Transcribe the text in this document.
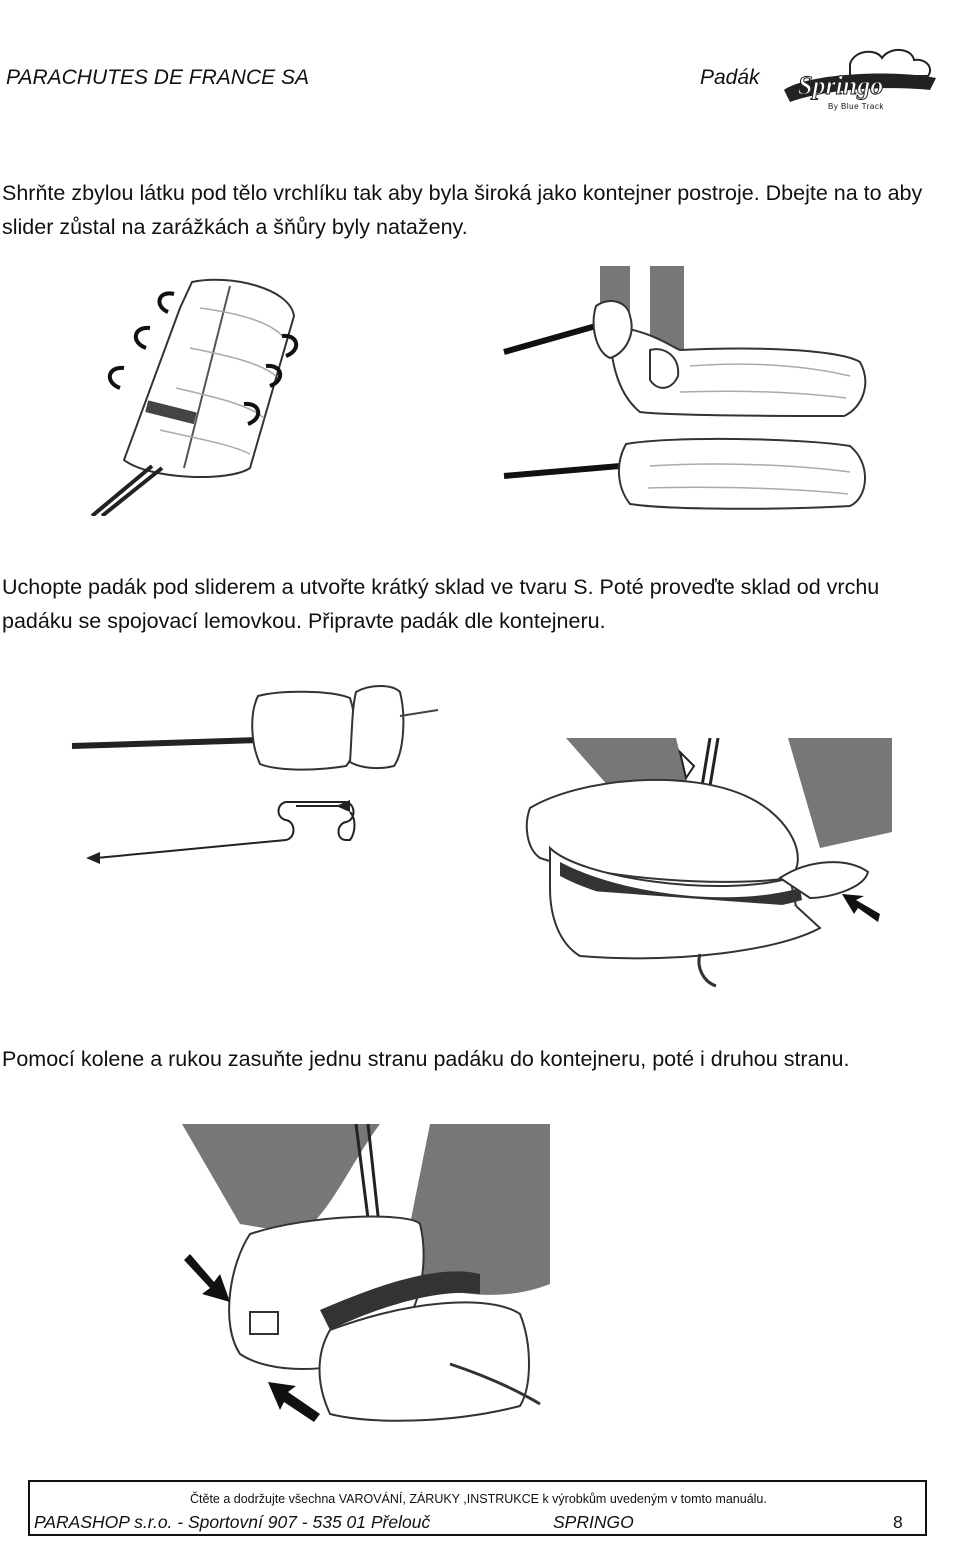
PARACHUTES DE FRANCE SA	Padák Springo
By Blue Track
Shrňte zbylou látku pod tělo vrchlíku tak aby byla široká jako kontejner postroje. Dbejte na to aby slider zůstal na zarážkách a šňůry byly nataženy.
Uchopte padák pod sliderem a utvořte krátký sklad ve tvaru S. Poté proveďte sklad od vrchu padáku se spojovací lemovkou. Připravte padák dle kontejneru.
Pomocí kolene a rukou zasuňte jednu stranu padáku do kontejneru, poté i druhou stranu.
Čtěte a dodržujte všechna VAROVÁNÍ, ZÁRUKY ,INSTRUKCE k výrobkům uvedeným v tomto manuálu.
PARASHOP s.r.o. - Sportovní 907 - 535 01 Přelouč	SPRINGO	8
